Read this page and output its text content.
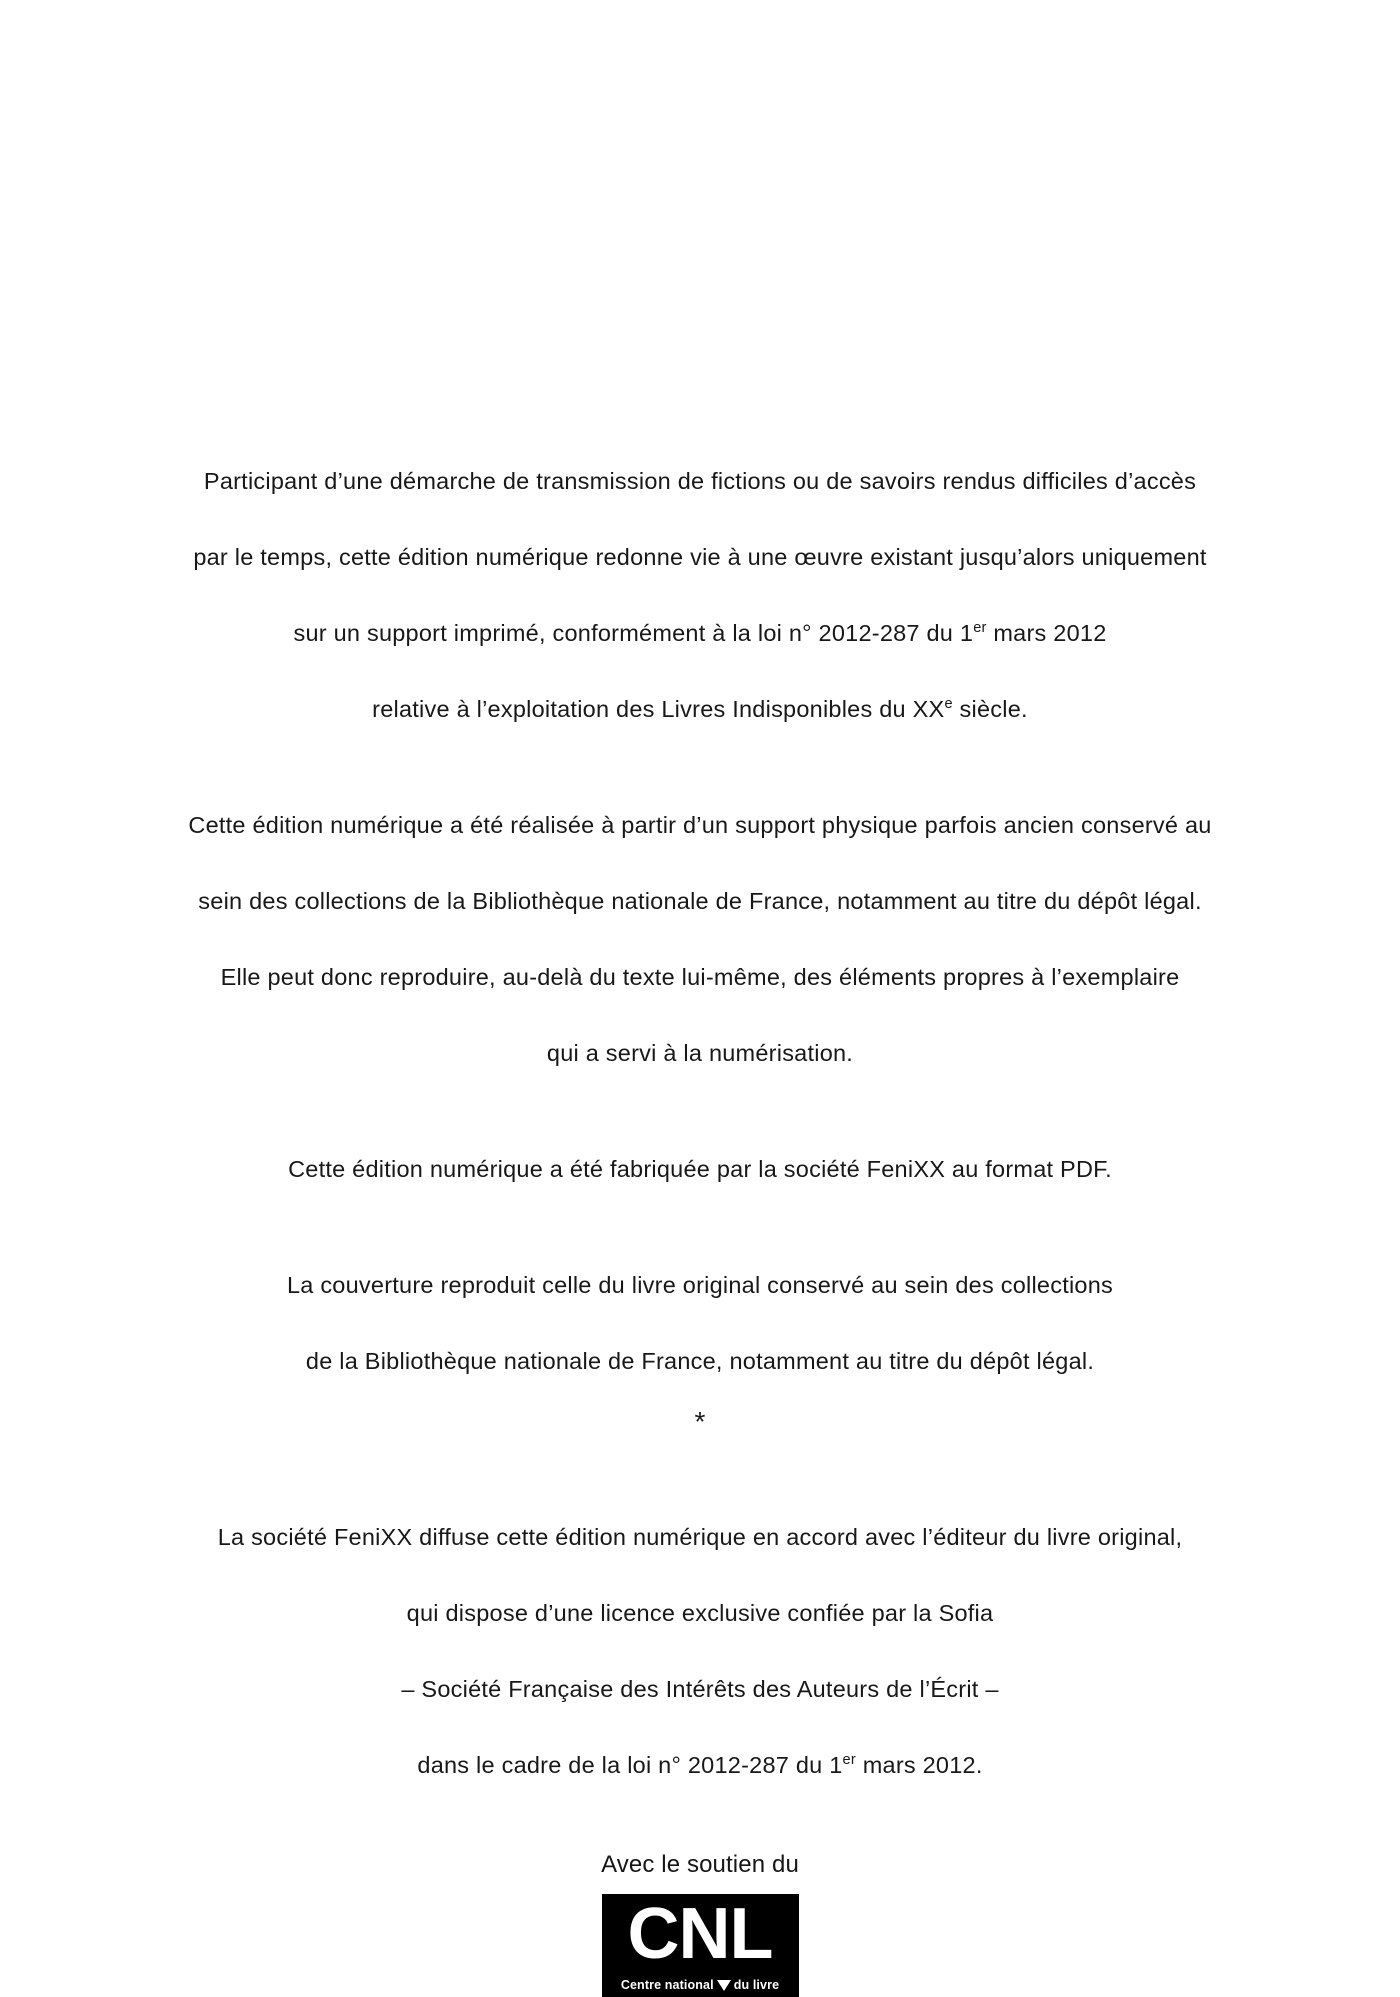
Participant d’une démarche de transmission de fictions ou de savoirs rendus difficiles d’accès

par le temps, cette édition numérique redonne vie à une œuvre existant jusqu’alors uniquement

sur un support imprimé, conformément à la loi n° 2012-287 du 1er mars 2012

relative à l’exploitation des Livres Indisponibles du XXe siècle.

Cette édition numérique a été réalisée à partir d’un support physique parfois ancien conservé au

sein des collections de la Bibliothèque nationale de France, notamment au titre du dépôt légal.

Elle peut donc reproduire, au-delà du texte lui-même, des éléments propres à l’exemplaire

qui a servi à la numérisation.

Cette édition numérique a été fabriquée par la société FeniXX au format PDF.

La couverture reproduit celle du livre original conservé au sein des collections

de la Bibliothèque nationale de France, notamment au titre du dépôt légal.

*

La société FeniXX diffuse cette édition numérique en accord avec l’éditeur du livre original,

qui dispose d’une licence exclusive confiée par la Sofia

– Société Française des Intérêts des Auteurs de l’Écrit –

dans le cadre de la loi n° 2012-287 du 1er mars 2012.

Avec le soutien du
CNL
Centre national du livre
